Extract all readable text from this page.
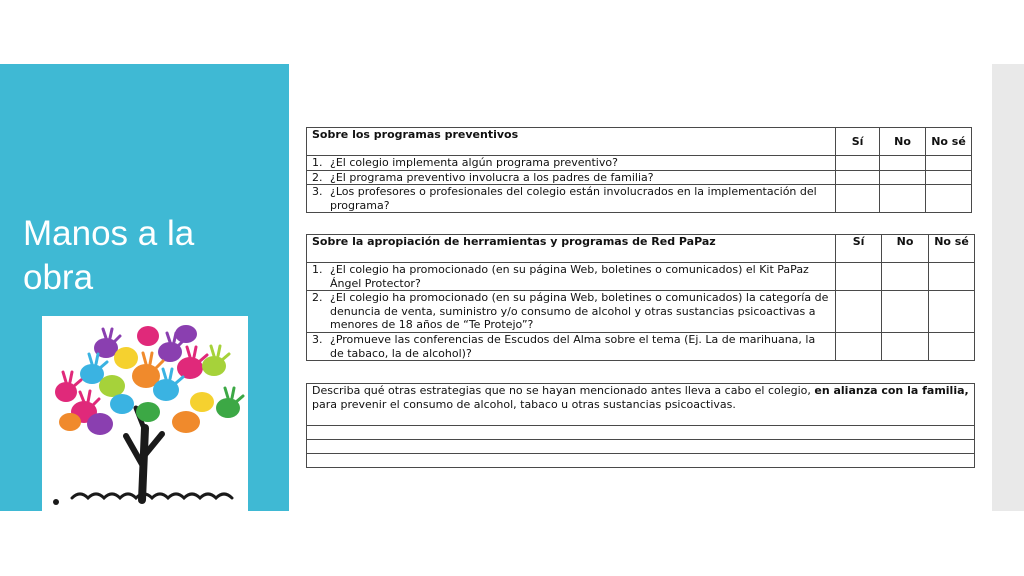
Manos a la obra
Sobre los programas preventivos	Sí	No	No sé

1. ¿El colegio implementa algún programa preventivo?			

2. ¿El programa preventivo involucra a los padres de familia?			

3. ¿Los profesores o profesionales del colegio están involucrados en la implementación del programa?			

Sobre la apropiación de herramientas y programas de Red PaPaz	Sí	No	No sé

1. ¿El colegio ha promocionado (en su página Web, boletines o comunicados) el Kit PaPaz Ángel Protector?			

2. ¿El colegio ha promocionado (en su página Web, boletines o comunicados) la categoría de denuncia de venta, suministro y/o consumo de alcohol y otras sustancias psicoactivas a menores de 18 años de “Te Protejo”?			

3. ¿Promueve las conferencias de Escudos del Alma sobre el tema (Ej. La de marihuana, la de tabaco, la de alcohol)?			

Describa qué otras estrategias que no se hayan mencionado antes lleva a cabo el colegio, en alianza con la familia, para prevenir el consumo de alcohol, tabaco u otras sustancias psicoactivas.
